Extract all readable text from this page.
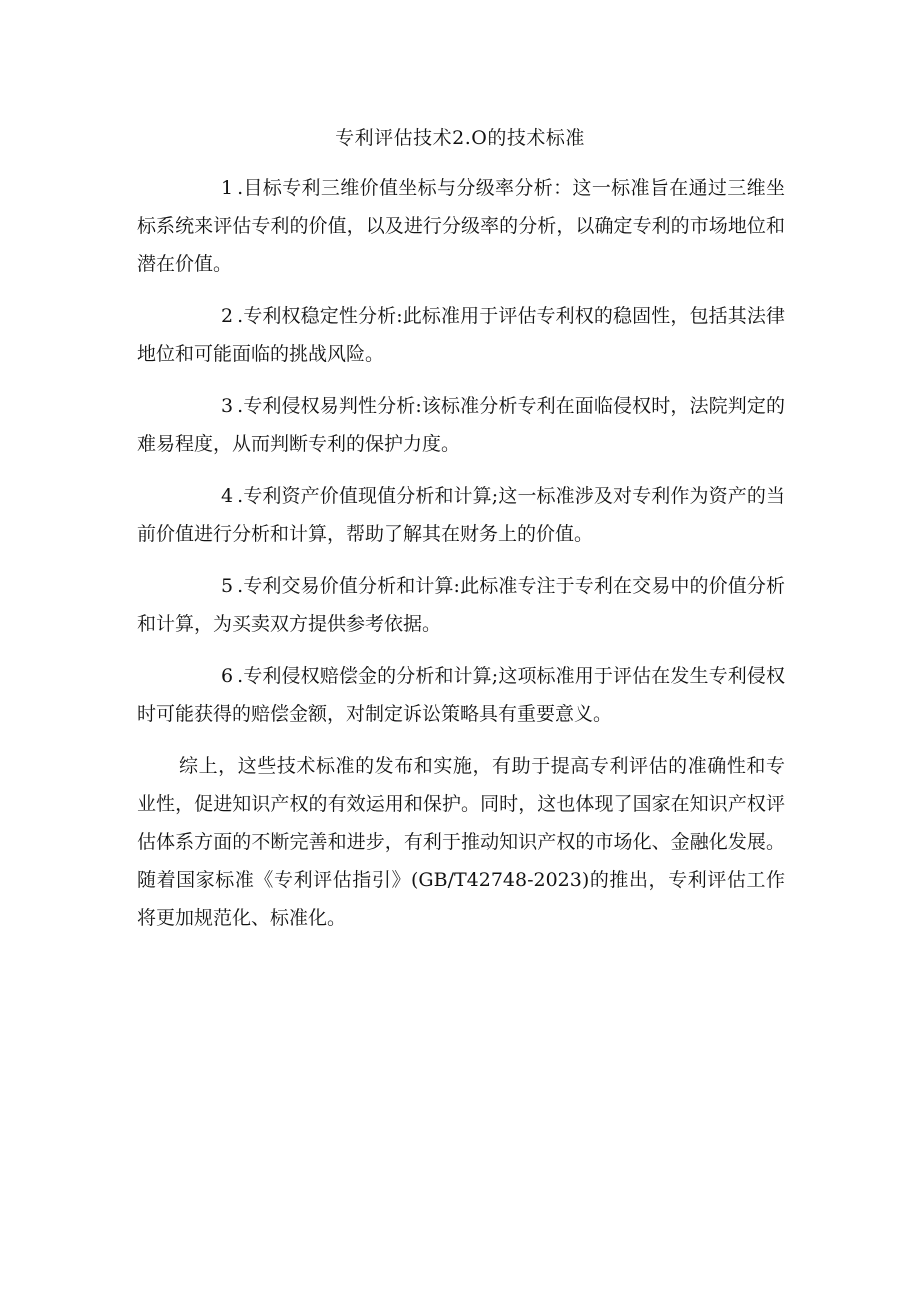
专利评估技术2.O的技术标准

1 .目标专利三维价值坐标与分级率分析：这一标准旨在通过三维坐标系统来评估专利的价值，以及进行分级率的分析，以确定专利的市场地位和潜在价值。

2 .专利权稳定性分析:此标准用于评估专利权的稳固性，包括其法律地位和可能面临的挑战风险。

3 .专利侵权易判性分析:该标准分析专利在面临侵权时，法院判定的难易程度，从而判断专利的保护力度。

4 .专利资产价值现值分析和计算;这一标准涉及对专利作为资产的当前价值进行分析和计算，帮助了解其在财务上的价值。

5 .专利交易价值分析和计算:此标准专注于专利在交易中的价值分析和计算，为买卖双方提供参考依据。

6 .专利侵权赔偿金的分析和计算;这项标准用于评估在发生专利侵权时可能获得的赔偿金额，对制定诉讼策略具有重要意义。

综上，这些技术标准的发布和实施，有助于提高专利评估的准确性和专业性，促进知识产权的有效运用和保护。同时，这也体现了国家在知识产权评估体系方面的不断完善和进步，有利于推动知识产权的市场化、金融化发展。随着国家标准《专利评估指引》(GB/T42748-2023)的推出，专利评估工作将更加规范化、标准化。
